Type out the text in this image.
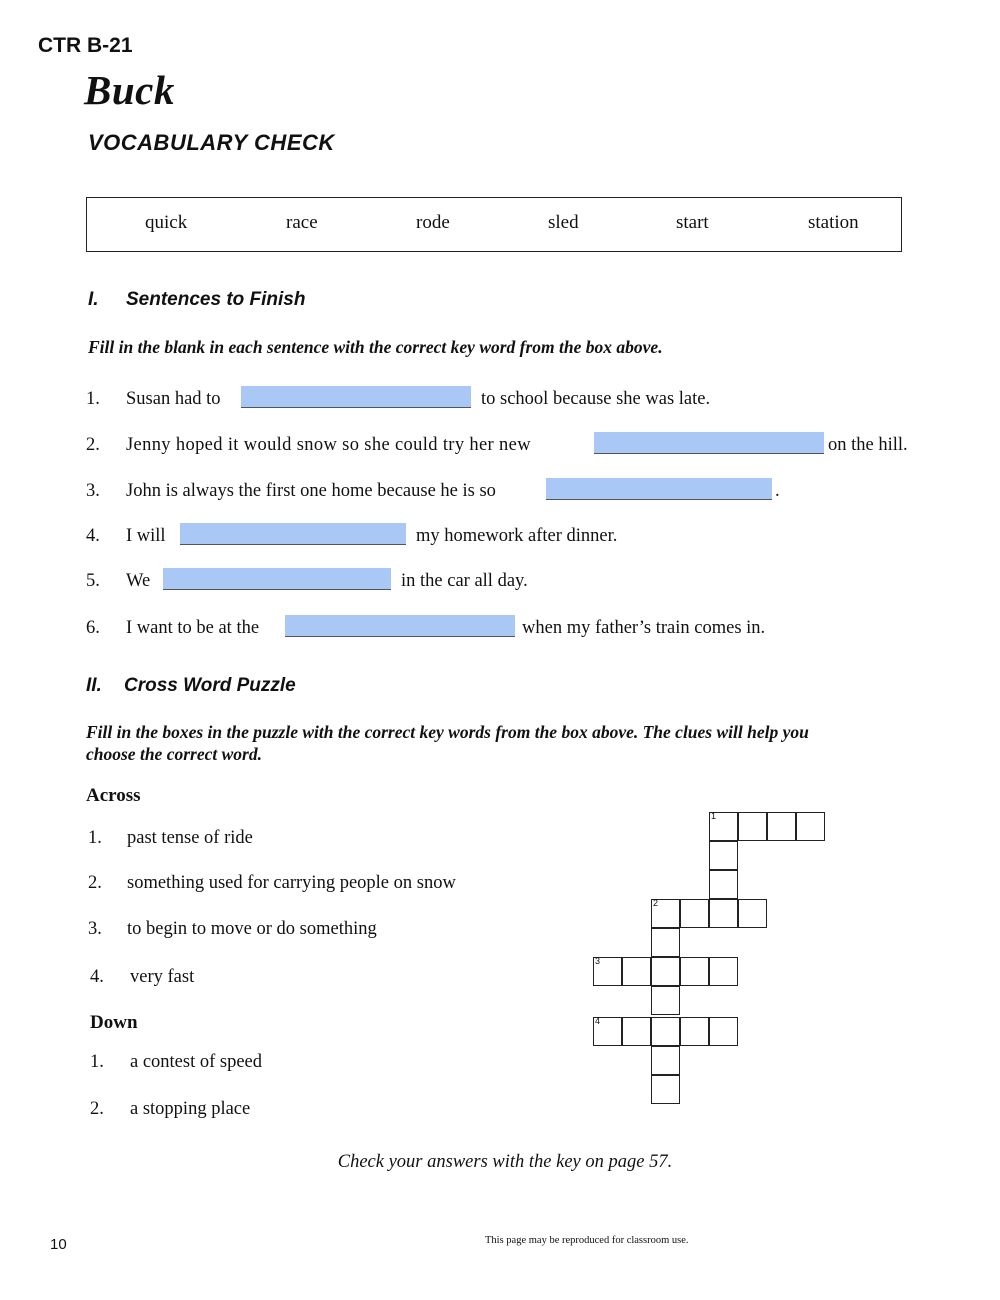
CTR B-21
Buck
VOCABULARY CHECK
quick	race	rode	sled	start	station
I. Sentences to Finish
Fill in the blank in each sentence with the correct key word from the box above.
1. Susan had to	to school because she was late.
2. Jenny hoped it would snow so she could try her new	on the hill.
3. John is always the first one home because he is so	.
4. I will	my homework after dinner.
5. We	in the car all day.
6. I want to be at the	when my father’s train comes in.
II. Cross Word Puzzle
Fill in the boxes in the puzzle with the correct key words from the box above. The clues will help you
choose the correct word.
Across
1. past tense of ride
2. something used for carrying people on snow
3. to begin to move or do something
4. very fast
Down
1. a contest of speed
2. a stopping place
1
2
3
4
Check your answers with the key on page 57.
10	This page may be reproduced for classroom use.
